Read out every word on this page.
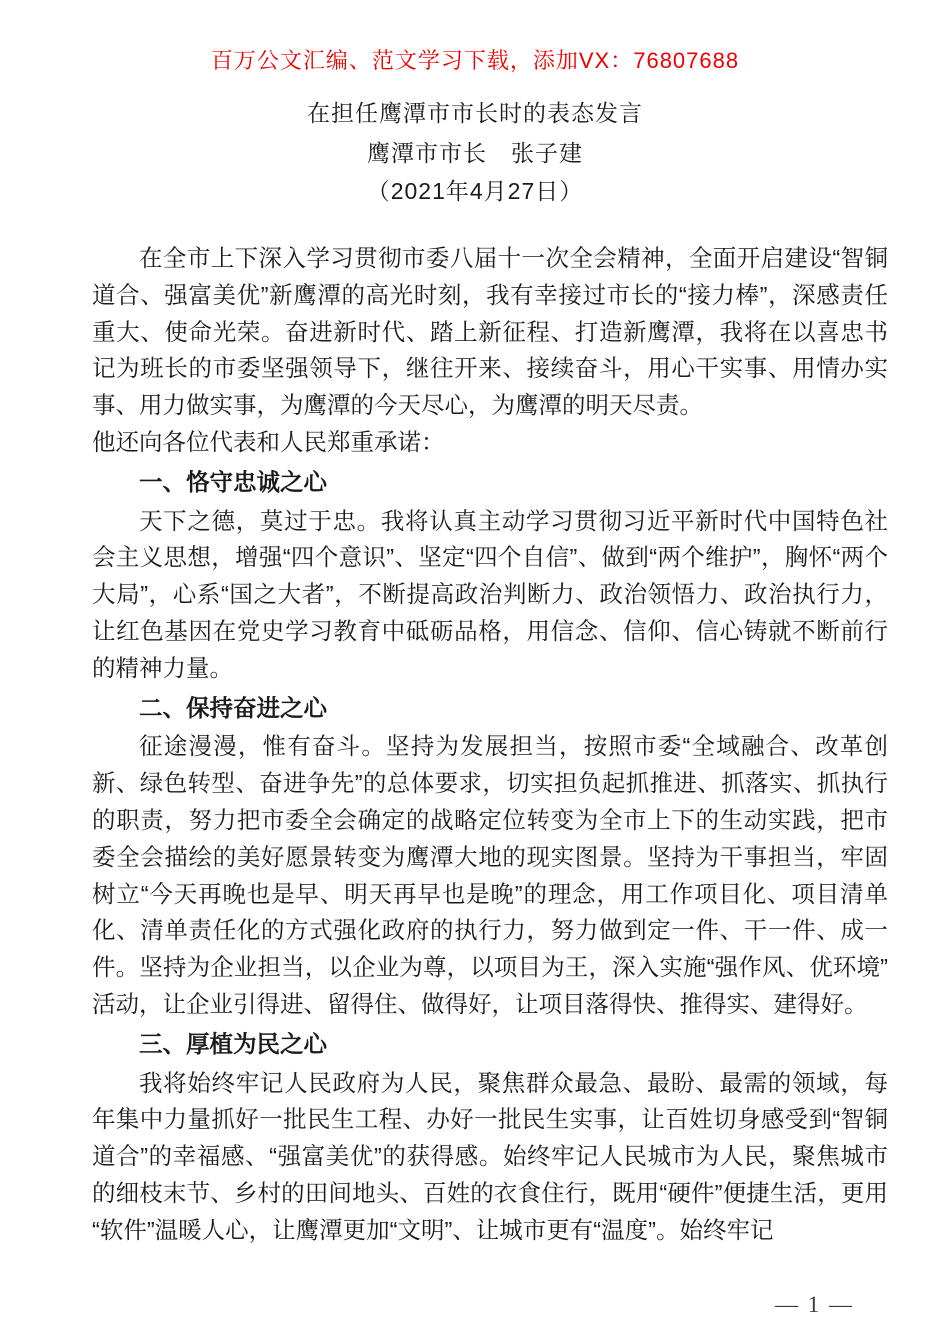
百万公文汇编、范文学习下载，添加VX：76807688
在担任鹰潭市市长时的表态发言
鹰潭市市长　张子建
（2021年4月27日）

在全市上下深入学习贯彻市委八届十一次全会精神，全面开启建设“智铜道合、强富美优”新鹰潭的高光时刻，我有幸接过市长的“接力棒”，深感责任重大、使命光荣。奋进新时代、踏上新征程、打造新鹰潭，我将在以喜忠书记为班长的市委坚强领导下，继往开来、接续奋斗，用心干实事、用情办实事、用力做实事，为鹰潭的今天尽心，为鹰潭的明天尽责。

他还向各位代表和人民郑重承诺：

一、恪守忠诚之心

天下之德，莫过于忠。我将认真主动学习贯彻习近平新时代中国特色社会主义思想，增强“四个意识”、坚定“四个自信”、做到“两个维护”，胸怀“两个大局”，心系“国之大者”，不断提高政治判断力、政治领悟力、政治执行力，让红色基因在党史学习教育中砥砺品格，用信念、信仰、信心铸就不断前行的精神力量。

二、保持奋进之心

征途漫漫，惟有奋斗。坚持为发展担当，按照市委“全域融合、改革创新、绿色转型、奋进争先”的总体要求，切实担负起抓推进、抓落实、抓执行的职责，努力把市委全会确定的战略定位转变为全市上下的生动实践，把市委全会描绘的美好愿景转变为鹰潭大地的现实图景。坚持为干事担当，牢固树立“今天再晚也是早、明天再早也是晚”的理念，用工作项目化、项目清单化、清单责任化的方式强化政府的执行力，努力做到定一件、干一件、成一件。坚持为企业担当，以企业为尊，以项目为王，深入实施“强作风、优环境”活动，让企业引得进、留得住、做得好，让项目落得快、推得实、建得好。

三、厚植为民之心

我将始终牢记人民政府为人民，聚焦群众最急、最盼、最需的领域，每年集中力量抓好一批民生工程、办好一批民生实事，让百姓切身感受到“智铜道合”的幸福感、“强富美优”的获得感。始终牢记人民城市为人民，聚焦城市的细枝末节、乡村的田间地头、百姓的衣食住行，既用“硬件”便捷生活，更用“软件”温暖人心，让鹰潭更加“文明”、让城市更有“温度”。始终牢记

— 1 —
